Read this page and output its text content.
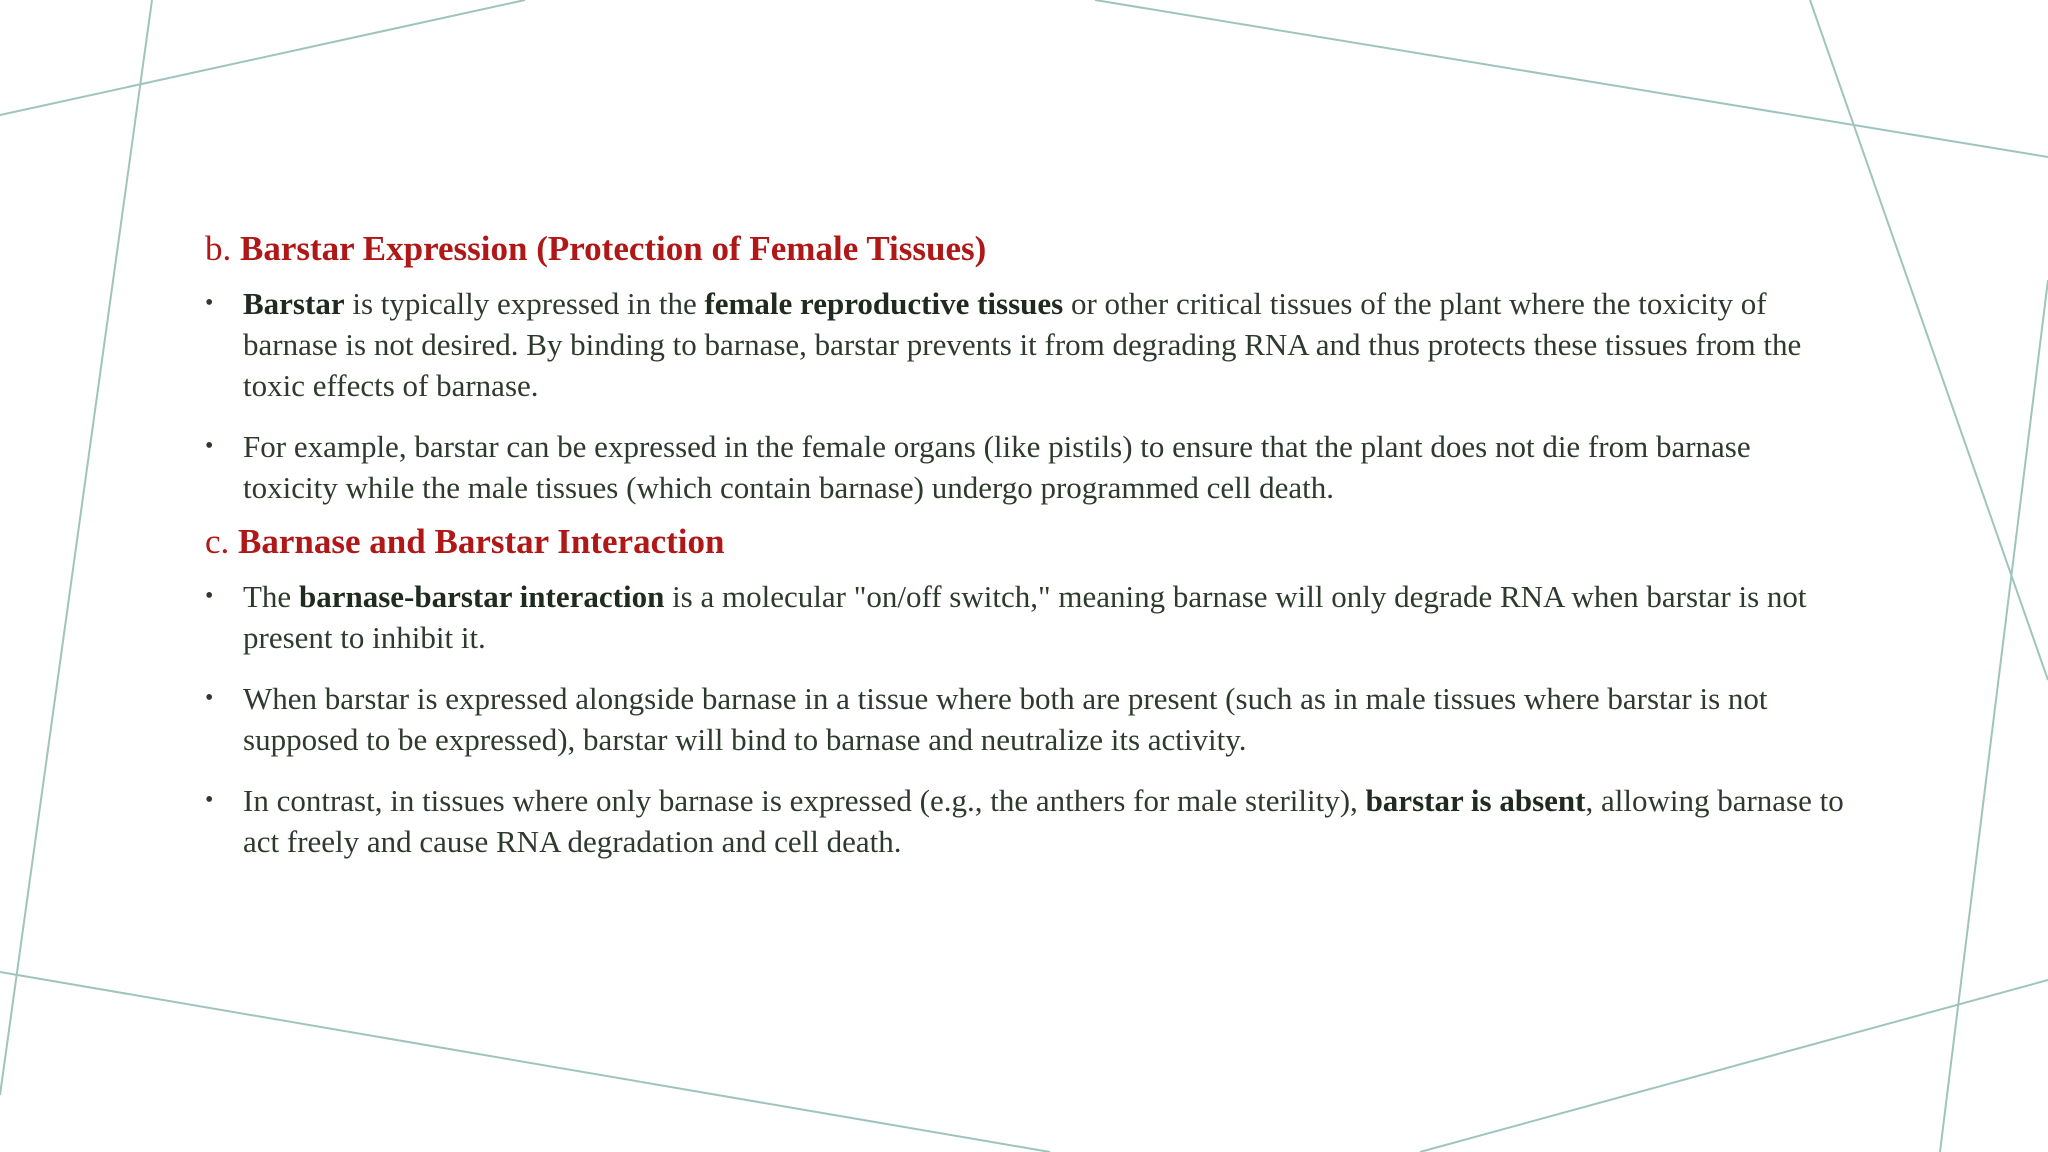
b. Barstar Expression (Protection of Female Tissues)
• Barstar is typically expressed in the female reproductive tissues or other critical tissues of the plant where the toxicity of barnase is not desired. By binding to barnase, barstar prevents it from degrading RNA and thus protects these tissues from the toxic effects of barnase.
• For example, barstar can be expressed in the female organs (like pistils) to ensure that the plant does not die from barnase toxicity while the male tissues (which contain barnase) undergo programmed cell death.
c. Barnase and Barstar Interaction
• The barnase-barstar interaction is a molecular "on/off switch," meaning barnase will only degrade RNA when barstar is not present to inhibit it.
• When barstar is expressed alongside barnase in a tissue where both are present (such as in male tissues where barstar is not supposed to be expressed), barstar will bind to barnase and neutralize its activity.
• In contrast, in tissues where only barnase is expressed (e.g., the anthers for male sterility), barstar is absent, allowing barnase to act freely and cause RNA degradation and cell death.
